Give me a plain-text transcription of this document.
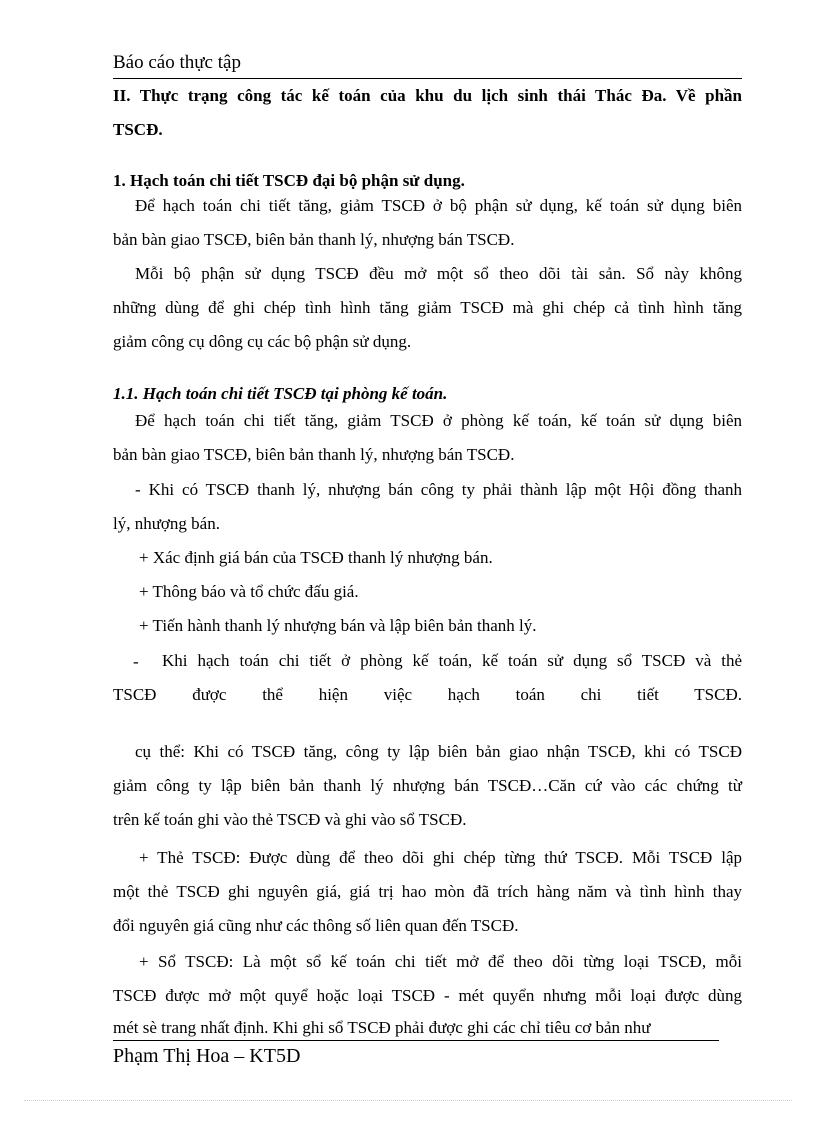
Báo cáo thực tập
II. Thực trạng công tác kế toán của khu du lịch sinh thái Thác Đa. Về phần
TSCĐ.
1. Hạch toán chi tiết TSCĐ đại bộ phận sử dụng.
Để hạch toán chi tiết tăng, giảm TSCĐ ở bộ phận sử dụng, kế toán sử dụng biên
bản bàn giao TSCĐ, biên bản thanh lý, nhượng bán TSCĐ.
Mỗi bộ phận sử dụng TSCĐ đều mở một sổ theo dõi tài sản. Sổ này không
những dùng để ghi chép tình hình tăng giảm TSCĐ mà ghi chép cả tình hình tăng
giảm công cụ dông cụ các bộ phận sử dụng.
1.1. Hạch toán chi tiết TSCĐ tại phòng kế toán.
Để hạch toán chi tiết tăng, giảm TSCĐ ở phòng kế toán, kế toán sử dụng biên
bản bàn giao TSCĐ, biên bản thanh lý, nhượng bán TSCĐ.
- Khi có TSCĐ thanh lý, nhượng bán công ty phải thành lập một Hội đồng thanh
lý, nhượng bán.
+ Xác định giá bán của TSCĐ thanh lý nhượng bán.
+ Thông báo và tổ chức đấu giá.
+ Tiến hành thanh lý nhượng bán và lập biên bản thanh lý.
-	Khi hạch toán chi tiết ở phòng kế toán, kế toán sử dụng sổ TSCĐ và thẻ
TSCĐ được thể hiện việc hạch toán chi tiết TSCĐ.
cụ thể: Khi có TSCĐ tăng, công ty lập biên bản giao nhận TSCĐ, khi có TSCĐ
giảm công ty lập biên bản thanh lý nhượng bán TSCĐ…Căn cứ vào các chứng từ
trên kế toán ghi vào thẻ TSCĐ và ghi vào sổ TSCĐ.
+ Thẻ TSCĐ: Được dùng để theo dõi ghi chép từng thứ TSCĐ. Mỗi TSCĐ lập
một thẻ TSCĐ ghi nguyên giá, giá trị hao mòn đã trích hàng năm và tình hình thay
đổi nguyên giá cũng như các thông số liên quan đến TSCĐ.
+ Sổ TSCĐ: Là một sổ kế toán chi tiết mở để theo dõi từng loại TSCĐ, mỗi
TSCĐ được mở một quyể hoặc loại TSCĐ - mét quyển nhưng mỗi loại được dùng
mét sè trang nhất định. Khi ghi sổ TSCĐ phải được ghi các chỉ tiêu cơ bản như
Phạm Thị Hoa – KT5D
